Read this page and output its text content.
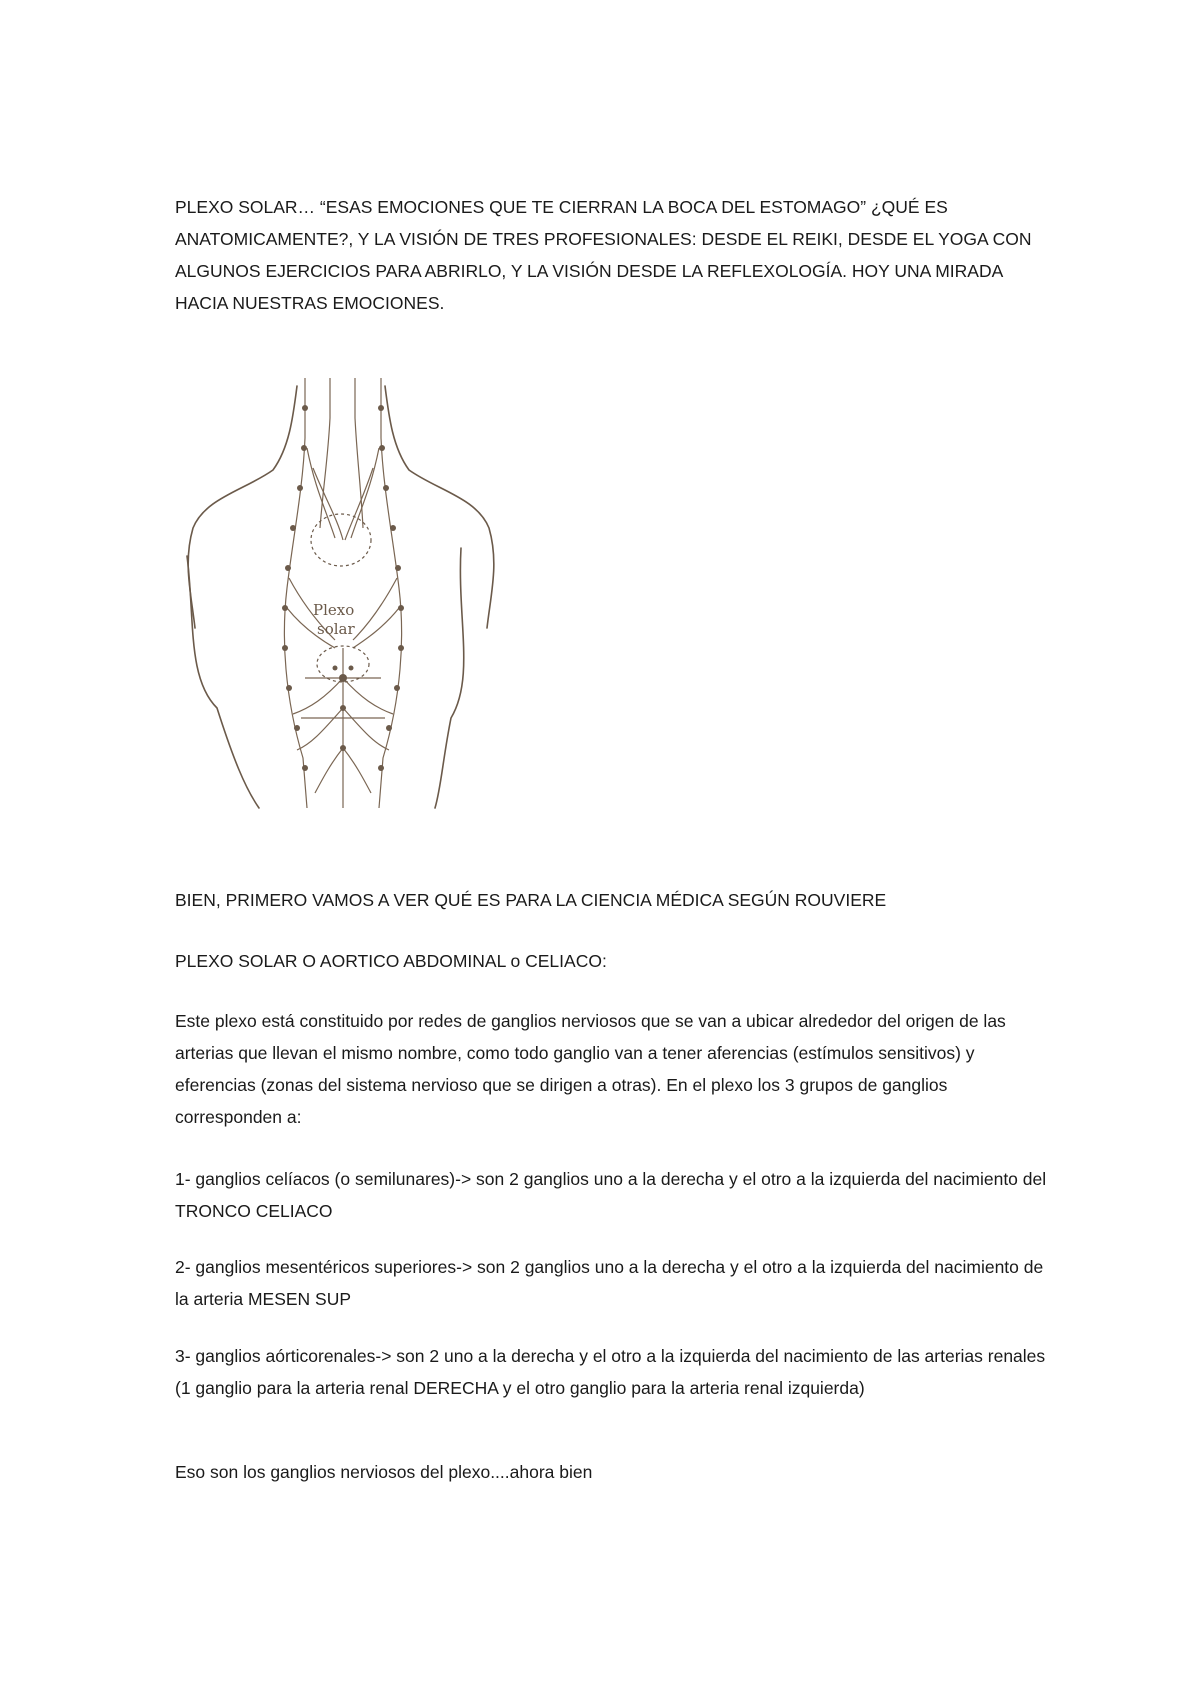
PLEXO SOLAR… “ESAS EMOCIONES QUE TE CIERRAN LA BOCA DEL ESTOMAGO” ¿QUÉ ES ANATOMICAMENTE?, Y LA VISIÓN DE TRES PROFESIONALES: DESDE EL REIKI, DESDE EL YOGA CON ALGUNOS EJERCICIOS PARA ABRIRLO, Y LA VISIÓN DESDE LA REFLEXOLOGÍA. HOY UNA MIRADA HACIA NUESTRAS EMOCIONES.

Plexo
solar

BIEN, PRIMERO VAMOS A VER QUÉ ES PARA LA CIENCIA MÉDICA SEGÚN ROUVIERE

PLEXO SOLAR O AORTICO ABDOMINAL o CELIACO:

Este plexo está constituido por redes de ganglios nerviosos que se van a ubicar alrededor del origen de las arterias que llevan el mismo nombre, como todo ganglio van a tener aferencias (estímulos sensitivos) y eferencias (zonas del sistema nervioso que se dirigen a otras). En el plexo los 3 grupos de ganglios corresponden a:

1- ganglios celíacos (o semilunares)-> son 2 ganglios uno a la derecha y el otro a la izquierda del nacimiento del TRONCO CELIACO

2- ganglios mesentéricos superiores-> son 2 ganglios uno a la derecha y el otro a la izquierda del nacimiento de la arteria MESEN SUP

3- ganglios aórticorenales-> son 2 uno a la derecha y el otro a la izquierda del nacimiento de las arterias renales (1 ganglio para la arteria renal DERECHA y el otro ganglio para la arteria renal izquierda)

Eso son los ganglios nerviosos del plexo....ahora bien
